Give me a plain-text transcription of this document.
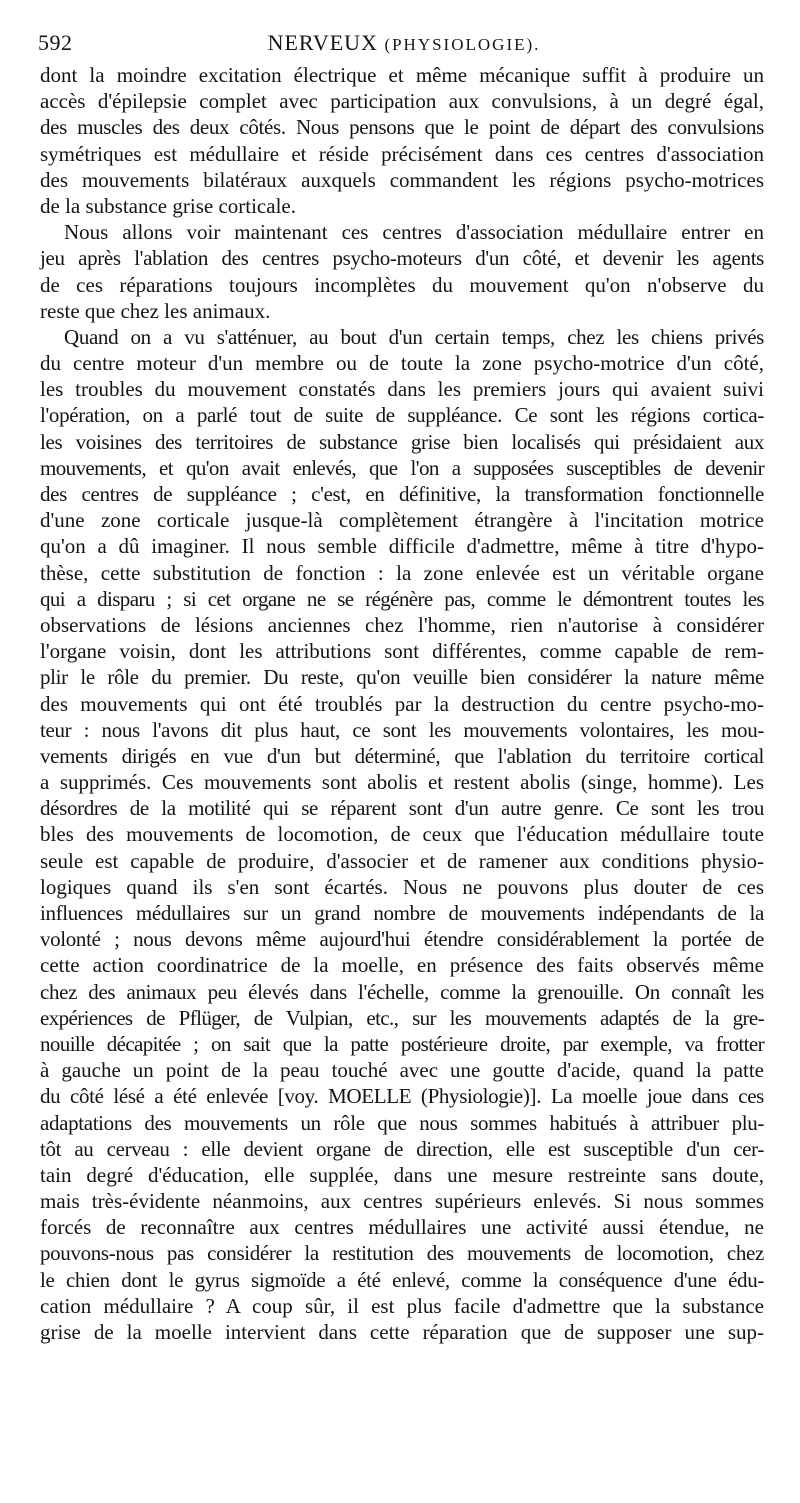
592	NERVEUX (PHYSIOLOGIE).
dont la moindre excitation électrique et même mécanique suffit à produire un
accès d'épilepsie complet avec participation aux convulsions, à un degré égal,
des muscles des deux côtés. Nous pensons que le point de départ des convulsions
symétriques est médullaire et réside précisément dans ces centres d'association
des mouvements bilatéraux auxquels commandent les régions psycho-motrices
de la substance grise corticale.
Nous allons voir maintenant ces centres d'association médullaire entrer en
jeu après l'ablation des centres psycho-moteurs d'un côté, et devenir les agents
de ces réparations toujours incomplètes du mouvement qu'on n'observe du
reste que chez les animaux.
Quand on a vu s'atténuer, au bout d'un certain temps, chez les chiens privés
du centre moteur d'un membre ou de toute la zone psycho-motrice d'un côté,
les troubles du mouvement constatés dans les premiers jours qui avaient suivi
l'opération, on a parlé tout de suite de suppléance. Ce sont les régions cortica-
les voisines des territoires de substance grise bien localisés qui présidaient aux
mouvements, et qu'on avait enlevés, que l'on a supposées susceptibles de devenir
des centres de suppléance ; c'est, en définitive, la transformation fonctionnelle
d'une zone corticale jusque-là complètement étrangère à l'incitation motrice
qu'on a dû imaginer. Il nous semble difficile d'admettre, même à titre d'hypo-
thèse, cette substitution de fonction : la zone enlevée est un véritable organe
qui a disparu ; si cet organe ne se régénère pas, comme le démontrent toutes les
observations de lésions anciennes chez l'homme, rien n'autorise à considérer
l'organe voisin, dont les attributions sont différentes, comme capable de rem-
plir le rôle du premier. Du reste, qu'on veuille bien considérer la nature même
des mouvements qui ont été troublés par la destruction du centre psycho-mo-
teur : nous l'avons dit plus haut, ce sont les mouvements volontaires, les mou-
vements dirigés en vue d'un but déterminé, que l'ablation du territoire cortical
a supprimés. Ces mouvements sont abolis et restent abolis (singe, homme). Les
désordres de la motilité qui se réparent sont d'un autre genre. Ce sont les trou
bles des mouvements de locomotion, de ceux que l'éducation médullaire toute
seule est capable de produire, d'associer et de ramener aux conditions physio-
logiques quand ils s'en sont écartés. Nous ne pouvons plus douter de ces
influences médullaires sur un grand nombre de mouvements indépendants de la
volonté ; nous devons même aujourd'hui étendre considérablement la portée de
cette action coordinatrice de la moelle, en présence des faits observés même
chez des animaux peu élevés dans l'échelle, comme la grenouille. On connaît les
expériences de Pflüger, de Vulpian, etc., sur les mouvements adaptés de la gre-
nouille décapitée ; on sait que la patte postérieure droite, par exemple, va frotter
à gauche un point de la peau touché avec une goutte d'acide, quand la patte
du côté lésé a été enlevée [voy. MOELLE (Physiologie)]. La moelle joue dans ces
adaptations des mouvements un rôle que nous sommes habitués à attribuer plu-
tôt au cerveau : elle devient organe de direction, elle est susceptible d'un cer-
tain degré d'éducation, elle supplée, dans une mesure restreinte sans doute,
mais très-évidente néanmoins, aux centres supérieurs enlevés. Si nous sommes
forcés de reconnaître aux centres médullaires une activité aussi étendue, ne
pouvons-nous pas considérer la restitution des mouvements de locomotion, chez
le chien dont le gyrus sigmoïde a été enlevé, comme la conséquence d'une édu-
cation médullaire ? A coup sûr, il est plus facile d'admettre que la substance
grise de la moelle intervient dans cette réparation que de supposer une sup-
